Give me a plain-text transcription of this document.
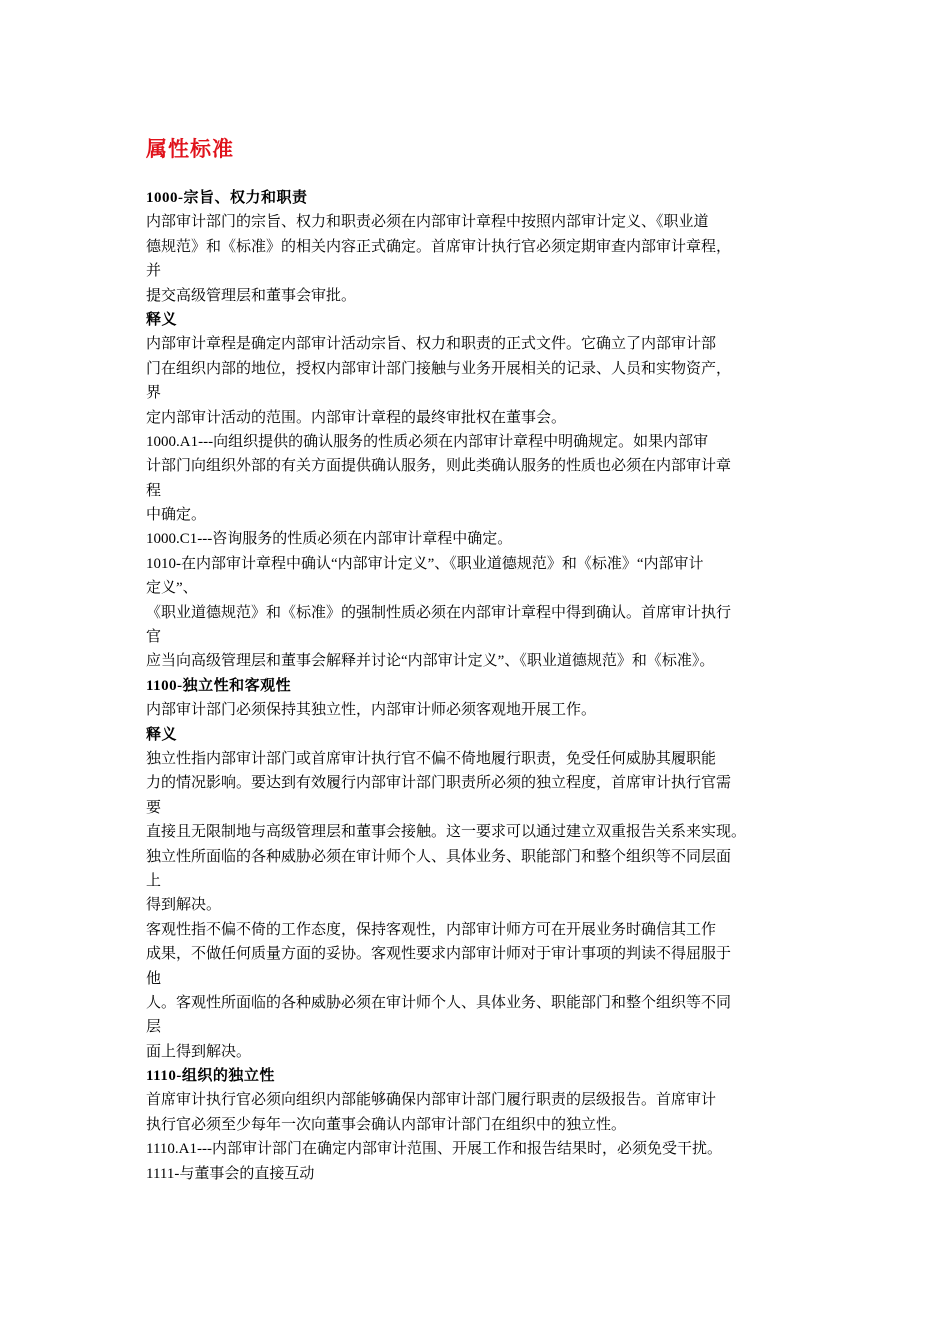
属性标准
1000-宗旨、权力和职责
内部审计部门的宗旨、权力和职责必须在内部审计章程中按照内部审计定义、《职业道
德规范》和《标准》的相关内容正式确定。首席审计执行官必须定期审查内部审计章程，
并
提交高级管理层和董事会审批。
释义
内部审计章程是确定内部审计活动宗旨、权力和职责的正式文件。它确立了内部审计部
门在组织内部的地位，授权内部审计部门接触与业务开展相关的记录、人员和实物资产，
界
定内部审计活动的范围。内部审计章程的最终审批权在董事会。
1000.A1---向组织提供的确认服务的性质必须在内部审计章程中明确规定。如果内部审
计部门向组织外部的有关方面提供确认服务，则此类确认服务的性质也必须在内部审计章
程
中确定。
1000.C1---咨询服务的性质必须在内部审计章程中确定。
1010-在内部审计章程中确认“内部审计定义”、《职业道德规范》和《标准》“内部审计
定义”、
《职业道德规范》和《标准》的强制性质必须在内部审计章程中得到确认。首席审计执行
官
应当向高级管理层和董事会解释并讨论“内部审计定义”、《职业道德规范》和《标准》。
1100-独立性和客观性
内部审计部门必须保持其独立性，内部审计师必须客观地开展工作。
释义
独立性指内部审计部门或首席审计执行官不偏不倚地履行职责，免受任何威胁其履职能
力的情况影响。要达到有效履行内部审计部门职责所必须的独立程度，首席审计执行官需
要
直接且无限制地与高级管理层和董事会接触。这一要求可以通过建立双重报告关系来实现。
独立性所面临的各种威胁必须在审计师个人、具体业务、职能部门和整个组织等不同层面
上
得到解决。
客观性指不偏不倚的工作态度，保持客观性，内部审计师方可在开展业务时确信其工作
成果，不做任何质量方面的妥协。客观性要求内部审计师对于审计事项的判读不得屈服于
他
人。客观性所面临的各种威胁必须在审计师个人、具体业务、职能部门和整个组织等不同
层
面上得到解决。
1110-组织的独立性
首席审计执行官必须向组织内部能够确保内部审计部门履行职责的层级报告。首席审计
执行官必须至少每年一次向董事会确认内部审计部门在组织中的独立性。
1110.A1---内部审计部门在确定内部审计范围、开展工作和报告结果时，必须免受干扰。
1111-与董事会的直接互动
